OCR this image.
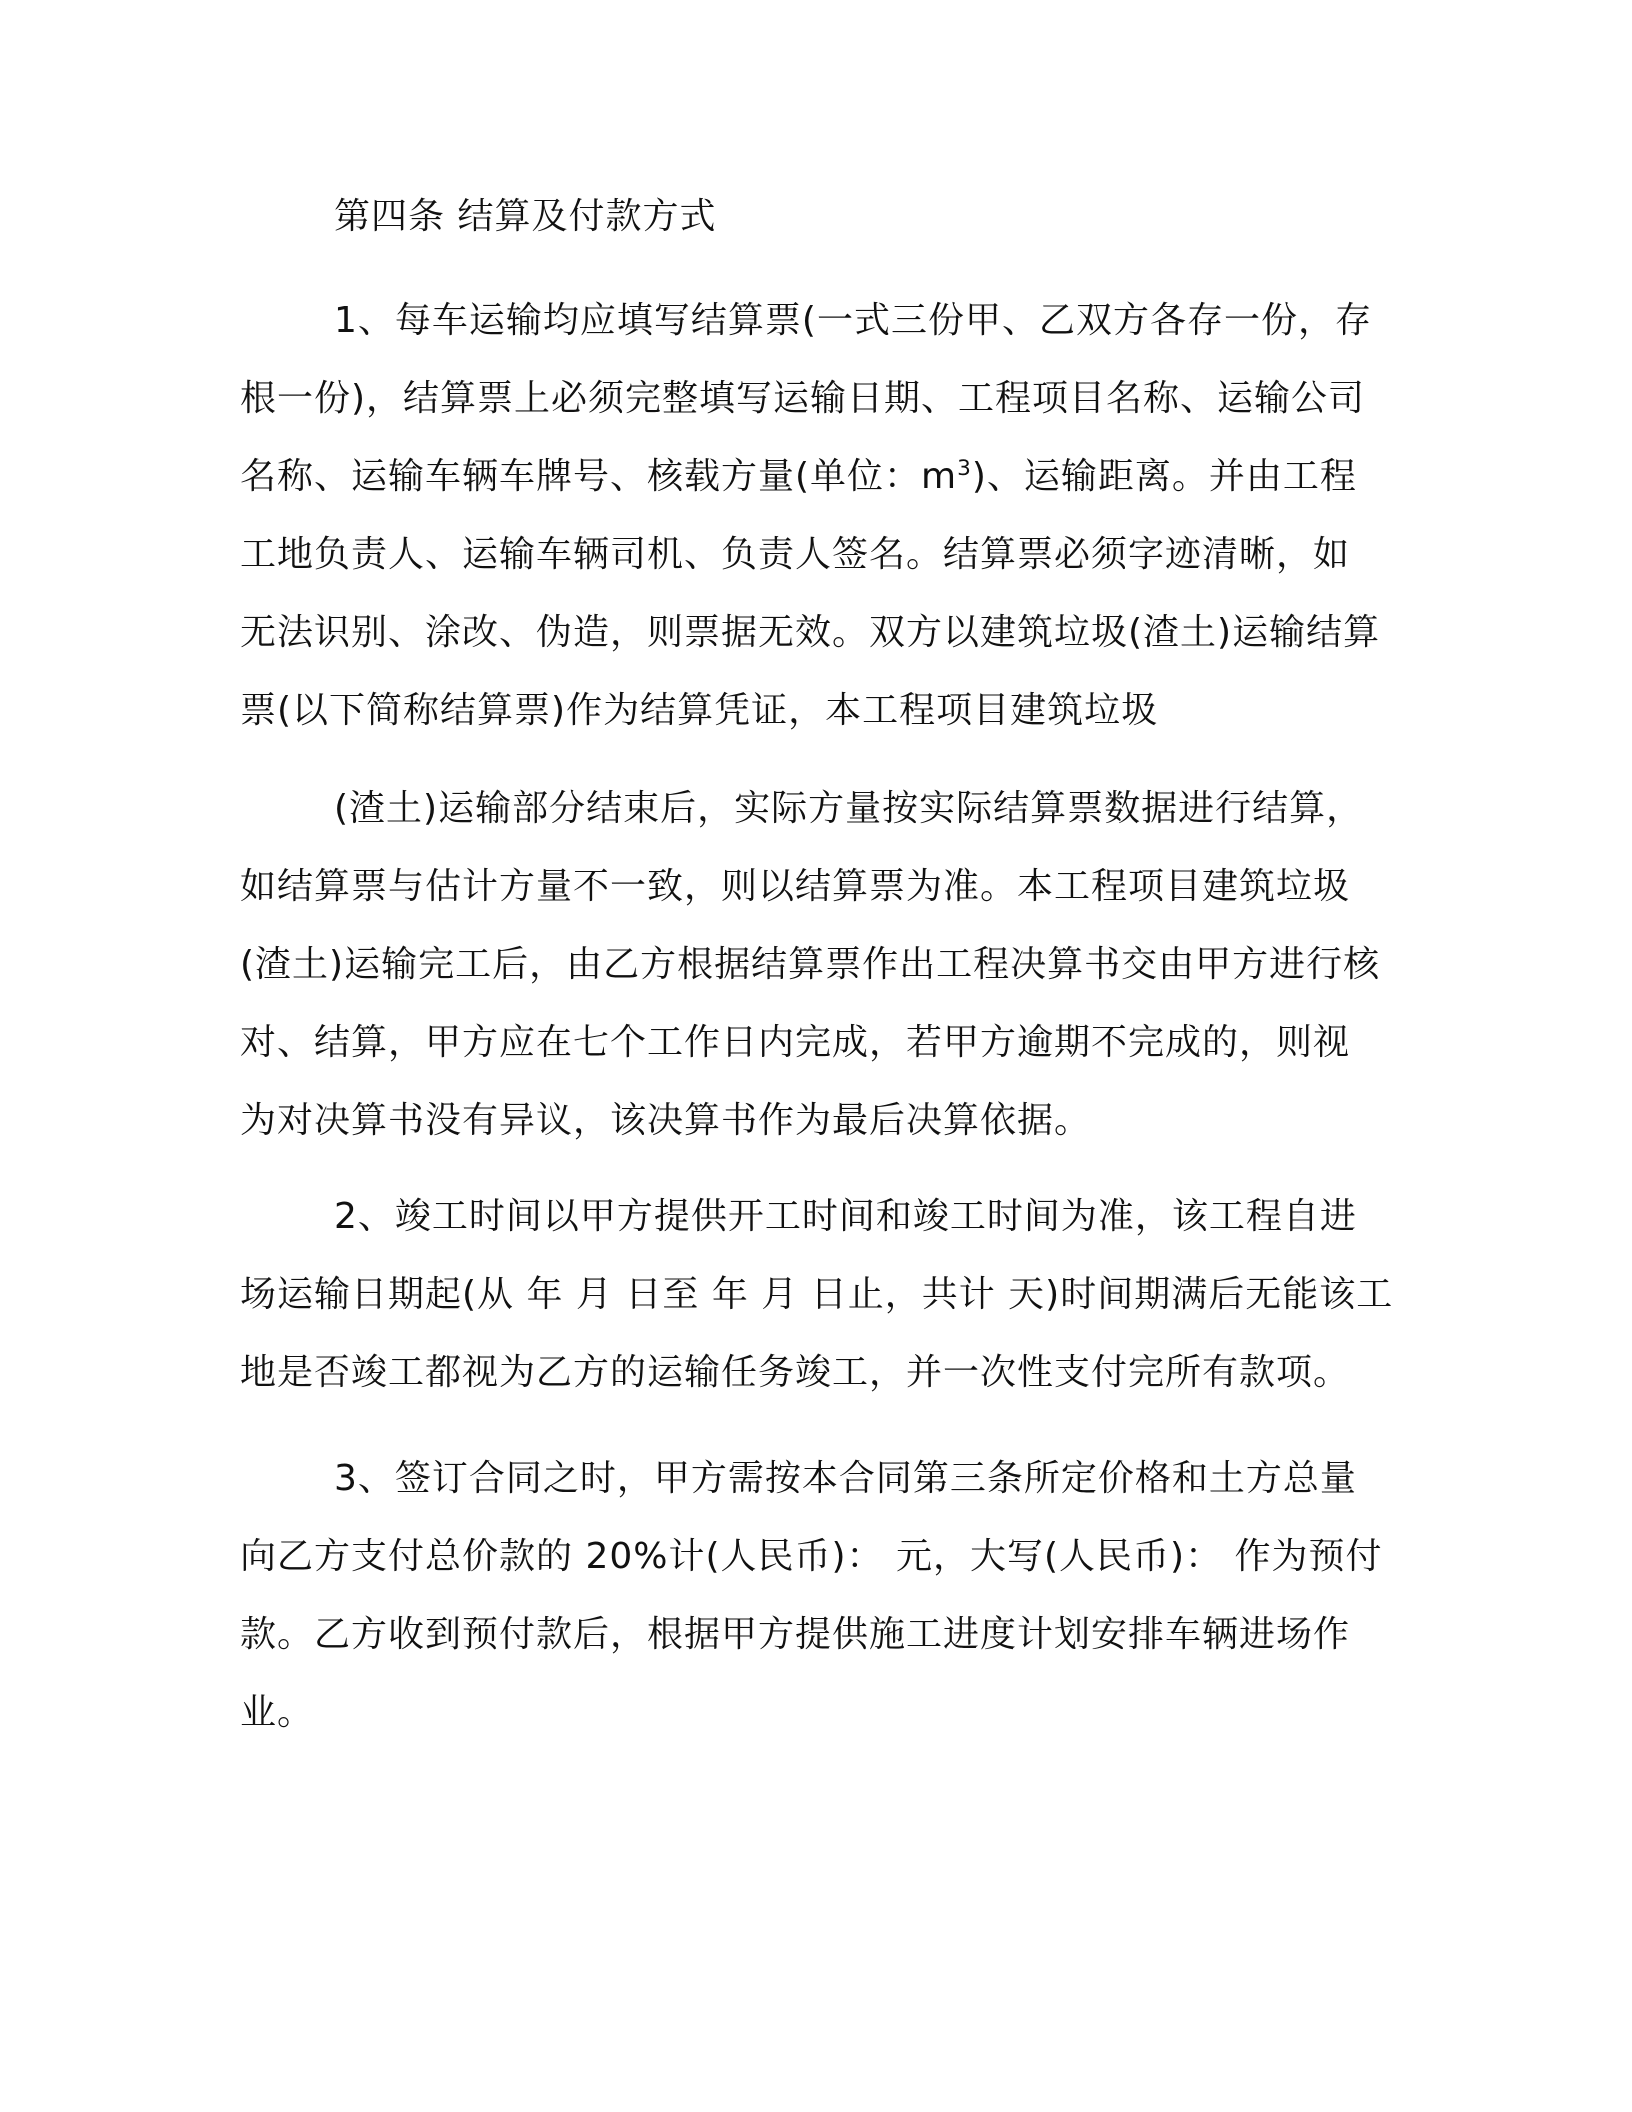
第四条 结算及付款方式
1、每车运输均应填写结算票(一式三份甲、乙双方各存一份，存
根一份)，结算票上必须完整填写运输日期、工程项目名称、运输公司
名称、运输车辆车牌号、核载方量(单位：$m^3$)、运输距离。并由工程
工地负责人、运输车辆司机、负责人签名。结算票必须字迹清晰，如
无法识别、涂改、伪造，则票据无效。双方以建筑垃圾(渣土)运输结算
票(以下简称结算票)作为结算凭证，本工程项目建筑垃圾
(渣土)运输部分结束后，实际方量按实际结算票数据进行结算，
如结算票与估计方量不一致，则以结算票为准。本工程项目建筑垃圾
(渣土)运输完工后，由乙方根据结算票作出工程决算书交由甲方进行核
对、结算，甲方应在七个工作日内完成，若甲方逾期不完成的，则视
为对决算书没有异议，该决算书作为最后决算依据。
2、竣工时间以甲方提供开工时间和竣工时间为准，该工程自进
场运输日期起(从 年 月 日至 年 月 日止，共计 天)时间期满后无能该工
地是否竣工都视为乙方的运输任务竣工，并一次性支付完所有款项。
3、签订合同之时，甲方需按本合同第三条所定价格和土方总量
向乙方支付总价款的 20%计(人民币)： 元，大写(人民币)： 作为预付
款。乙方收到预付款后，根据甲方提供施工进度计划安排车辆进场作
业。
